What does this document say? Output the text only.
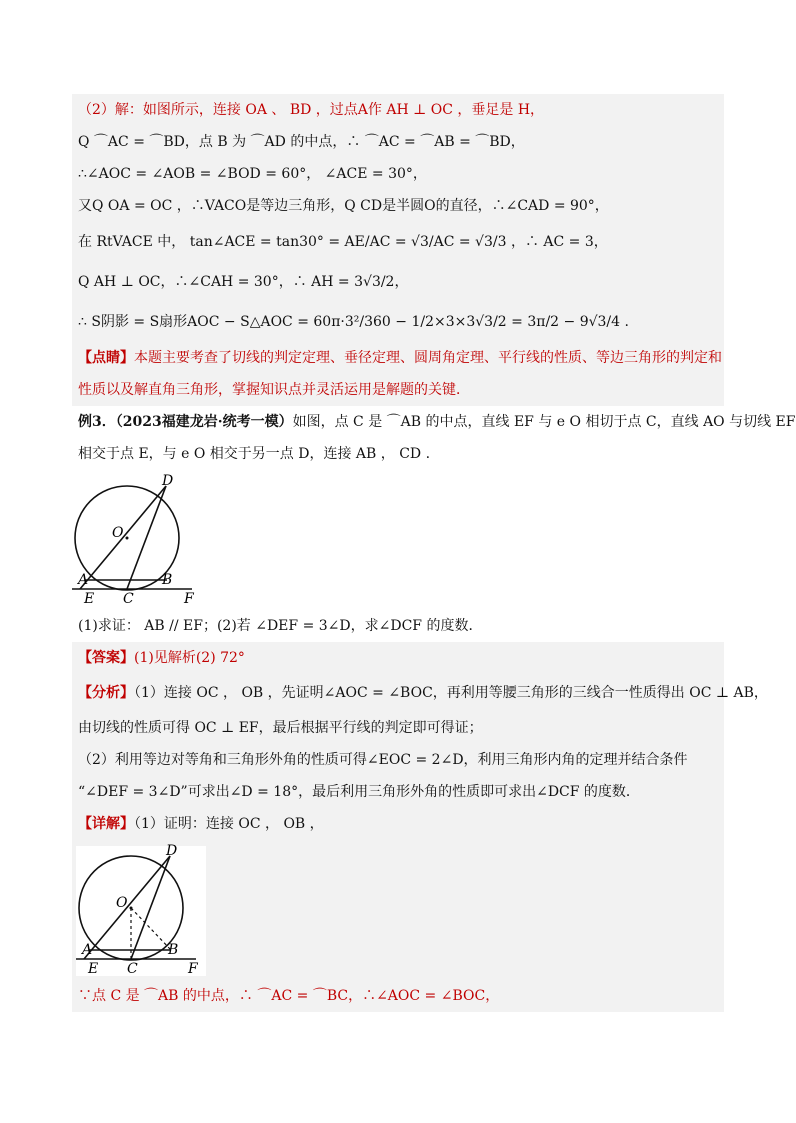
（2）解：如图所示，连接 OA 、 BD ，过点A作 AH ⊥ OC ，垂足是 H，
Q ⌒AC = ⌒BD，点 B 为 ⌒AD 的中点，∴ ⌒AC = ⌒AB = ⌒BD，
∴∠AOC = ∠AOB = ∠BOD = 60°， ∠ACE = 30°，
又Q OA = OC ，∴VACO是等边三角形，Q CD是半圆O的直径，∴∠CAD = 90°，
在 RtVACE 中， tan∠ACE = tan30° = AE/AC = √3/AC = √3/3 ，∴ AC = 3，
Q AH ⊥ OC，∴∠CAH = 30°，∴ AH = 3√3/2，
∴ S阴影 = S扇形AOC − S△AOC = 60π·3²/360 − 1/2×3×3√3/2 = 3π/2 − 9√3/4 .
【点睛】本题主要考查了切线的判定定理、垂径定理、圆周角定理、平行线的性质、等边三角形的判定和
性质以及解直角三角形，掌握知识点并灵活运用是解题的关键．
例3．（2023福建龙岩·统考一模）如图，点 C 是 ⌒AB 的中点，直线 EF 与 e O 相切于点 C，直线 AO 与切线 EF
相交于点 E，与 e O 相交于另一点 D，连接 AB ， CD .
D
O
A	B
E C	F
(1)求证： AB // EF；(2)若 ∠DEF = 3∠D，求∠DCF 的度数．
【答案】(1)见解析(2) 72°
【分析】（1）连接 OC ， OB ，先证明∠AOC = ∠BOC，再利用等腰三角形的三线合一性质得出 OC ⊥ AB，
由切线的性质可得 OC ⊥ EF，最后根据平行线的判定即可得证；
（2）利用等边对等角和三角形外角的性质可得∠EOC = 2∠D，利用三角形内角的定理并结合条件
“∠DEF = 3∠D”可求出∠D = 18°，最后利用三角形外角的性质即可求出∠DCF 的度数．
【详解】（1）证明：连接 OC ， OB ，
D
O
A	B
E C	F
∵点 C 是 ⌒AB 的中点，∴ ⌒AC = ⌒BC，∴∠AOC = ∠BOC，
